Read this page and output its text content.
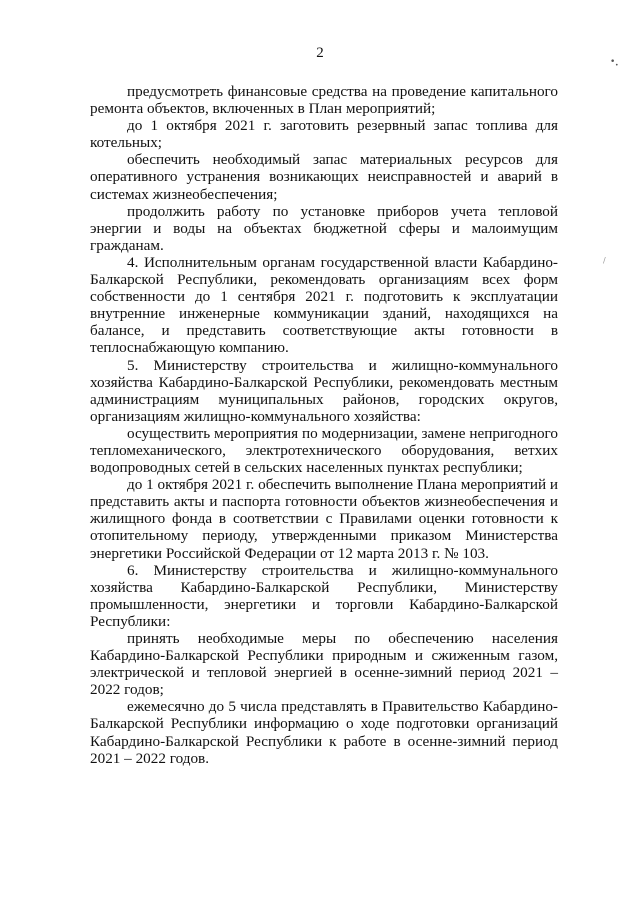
2
• •
/

предусмотреть финансовые средства на проведение капитального ремонта объектов, включенных в План мероприятий;

до 1 октября 2021 г. заготовить резервный запас топлива для котельных;

обеспечить необходимый запас материальных ресурсов для оперативного устранения возникающих неисправностей и аварий в системах жизнеобеспечения;

продолжить работу по установке приборов учета тепловой энергии и воды на объектах бюджетной сферы и малоимущим гражданам.

4. Исполнительным органам государственной власти Кабардино-Балкарской Республики, рекомендовать организациям всех форм собственности до 1 сентября 2021 г. подготовить к эксплуатации внутренние инженерные коммуникации зданий, находящихся на балансе, и представить соответствующие акты готовности в теплоснабжающую компанию.

5. Министерству строительства и жилищно-коммунального хозяйства Кабардино-Балкарской Республики, рекомендовать местным администрациям муниципальных районов, городских округов, организациям жилищно-коммунального хозяйства:

осуществить мероприятия по модернизации, замене непригодного тепломеханического, электротехнического оборудования, ветхих водопроводных сетей в сельских населенных пунктах республики;

до 1 октября 2021 г. обеспечить выполнение Плана мероприятий и представить акты и паспорта готовности объектов жизнеобеспечения и жилищного фонда в соответствии с Правилами оценки готовности к отопительному периоду, утвержденными приказом Министерства энергетики Российской Федерации от 12 марта 2013 г. № 103.

6. Министерству строительства и жилищно-коммунального хозяйства Кабардино-Балкарской Республики, Министерству промышленности, энергетики и торговли Кабардино-Балкарской Республики:

принять необходимые меры по обеспечению населения Кабардино-Балкарской Республики природным и сжиженным газом, электрической и тепловой энергией в осенне-зимний период 2021 – 2022 годов;

ежемесячно до 5 числа представлять в Правительство Кабардино-Балкарской Республики информацию о ходе подготовки организаций Кабардино-Балкарской Республики к работе в осенне-зимний период 2021 – 2022 годов.
